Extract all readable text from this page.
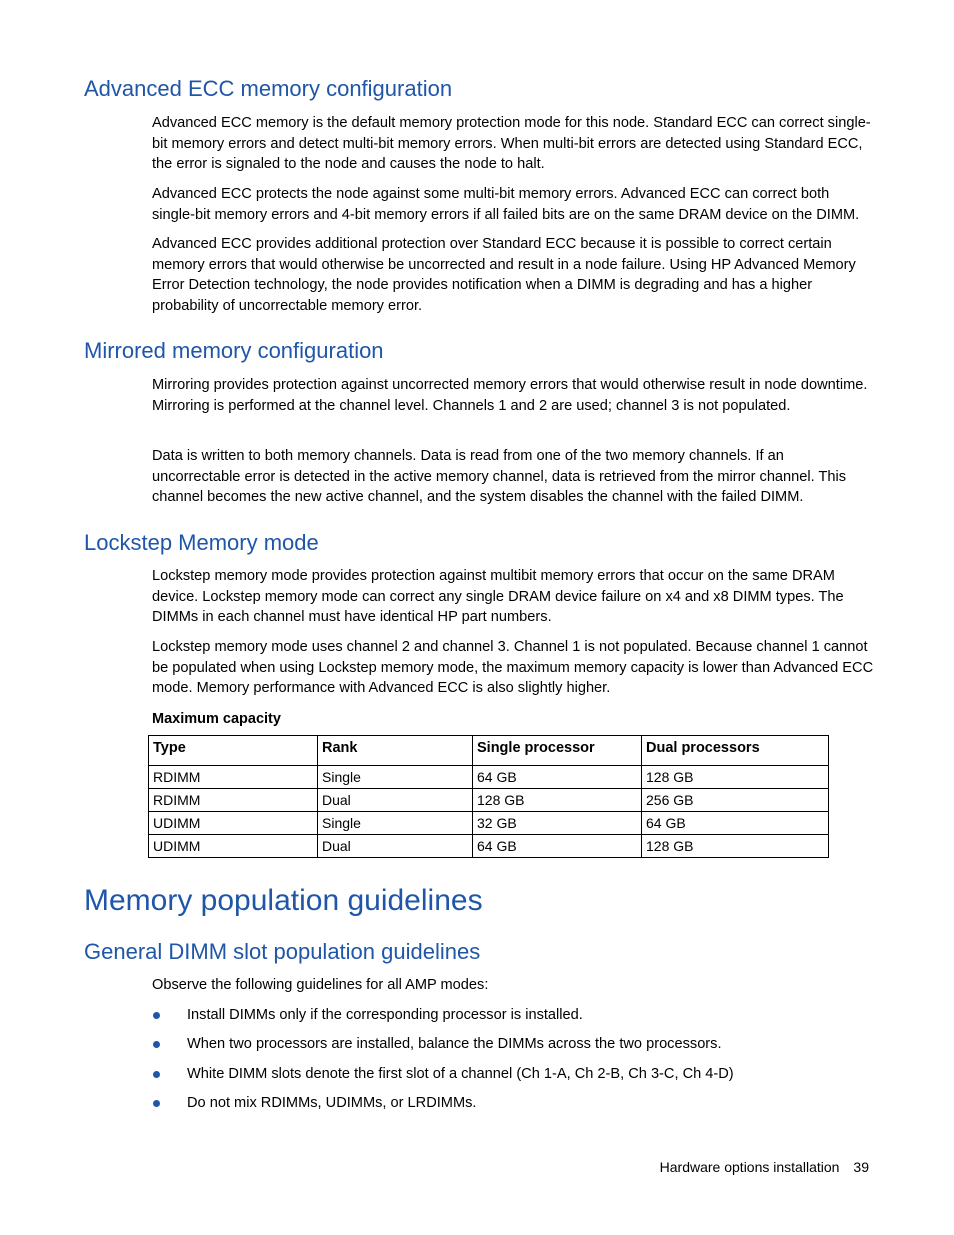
Advanced ECC memory configuration

Advanced ECC memory is the default memory protection mode for this node. Standard ECC can correct single-bit memory errors and detect multi-bit memory errors. When multi-bit errors are detected using Standard ECC, the error is signaled to the node and causes the node to halt.

Advanced ECC protects the node against some multi-bit memory errors. Advanced ECC can correct both single-bit memory errors and 4-bit memory errors if all failed bits are on the same DRAM device on the DIMM.

Advanced ECC provides additional protection over Standard ECC because it is possible to correct certain memory errors that would otherwise be uncorrected and result in a node failure. Using HP Advanced Memory Error Detection technology, the node provides notification when a DIMM is degrading and has a higher probability of uncorrectable memory error.

Mirrored memory configuration

Mirroring provides protection against uncorrected memory errors that would otherwise result in node downtime. Mirroring is performed at the channel level. Channels 1 and 2 are used; channel 3 is not populated.

Data is written to both memory channels. Data is read from one of the two memory channels. If an uncorrectable error is detected in the active memory channel, data is retrieved from the mirror channel. This channel becomes the new active channel, and the system disables the channel with the failed DIMM.

Lockstep Memory mode

Lockstep memory mode provides protection against multibit memory errors that occur on the same DRAM device. Lockstep memory mode can correct any single DRAM device failure on x4 and x8 DIMM types. The DIMMs in each channel must have identical HP part numbers.

Lockstep memory mode uses channel 2 and channel 3. Channel 1 is not populated. Because channel 1 cannot be populated when using Lockstep memory mode, the maximum memory capacity is lower than Advanced ECC mode. Memory performance with Advanced ECC is also slightly higher.

Maximum capacity

Type	Rank	Single processor	Dual processors
RDIMM	Single	64 GB	128 GB
RDIMM	Dual	128 GB	256 GB
UDIMM	Single	32 GB	64 GB
UDIMM	Dual	64 GB	128 GB
Memory population guidelines
General DIMM slot population guidelines

Observe the following guidelines for all AMP modes:

Install DIMMs only if the corresponding processor is installed.
When two processors are installed, balance the DIMMs across the two processors.
White DIMM slots denote the first slot of a channel (Ch 1-A, Ch 2-B, Ch 3-C, Ch 4-D)
Do not mix RDIMMs, UDIMMs, or LRDIMMs.
Hardware options installation 39
